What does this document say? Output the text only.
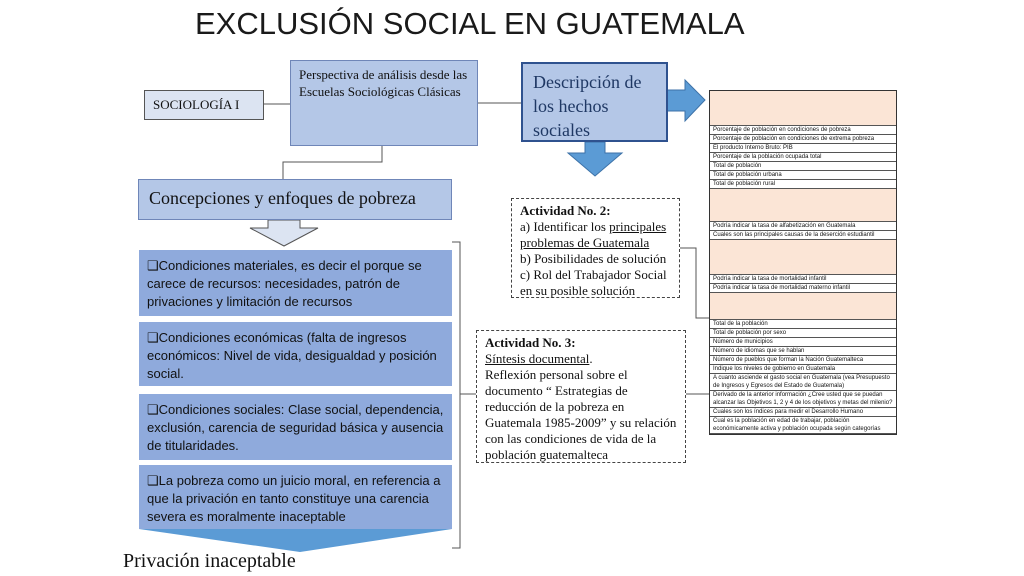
EXCLUSIÓN SOCIAL EN GUATEMALA
SOCIOLOGÍA I
Perspectiva de análisis desde las Escuelas Sociológicas Clásicas	Descripción de los hechos sociales
Concepciones y enfoques de pobreza
❑Condiciones materiales, es decir el porque se carece de recursos: necesidades, patrón de privaciones y limitación de recursos
❑Condiciones económicas (falta de ingresos económicos: Nivel de vida, desigualdad y posición social.
❑Condiciones sociales: Clase social, dependencia, exclusión, carencia de seguridad básica y ausencia de titularidades.
❑La pobreza como un juicio moral, en referencia a que la privación en tanto constituye una carencia severa es moralmente inaceptable
Privación inaceptable
Actividad No. 2:
a) Identificar los principales problemas de Guatemala
b) Posibilidades de solución
c) Rol del Trabajador Social en su posible solución
Actividad No. 3:
Síntesis documental.
Reflexión personal sobre el documento “ Estrategias de reducción de la pobreza en Guatemala 1985-2009” y su relación con las condiciones de vida de la población guatemalteca
Porcentaje de población en condiciones de pobreza
Porcentaje de población en condiciones de extrema pobreza
El producto Interno Bruto: PIB
Porcentaje de la población ocupada total
Total de población
Total de población urbana
Total de población rural
Podría indicar la tasa de alfabetización en Guatemala
Cuales son las principales causas de la deserción estudiantil
Podría indicar la tasa de mortalidad infantil
Podría indicar la tasa de mortalidad materno infantil
Total de la población
Total de población por sexo
Número de municipios
Número de idiomas que se hablan
Número de pueblos que forman la Nación Guatemalteca
Indique los niveles de gobierno en Guatemala
A cuanto asciende el gasto social en Guatemala (vea Presupuesto de Ingresos y Egresos del Estado de Guatemala)
Derivado de la anterior información ¿Cree usted que se puedan alcanzar las Objetivos 1, 2 y 4 de los objetivos y metas del milenio?
Cuales son los índices para medir el Desarrollo Humano
Cual es la población en edad de trabajar, población económicamente activa y población ocupada según categorías
